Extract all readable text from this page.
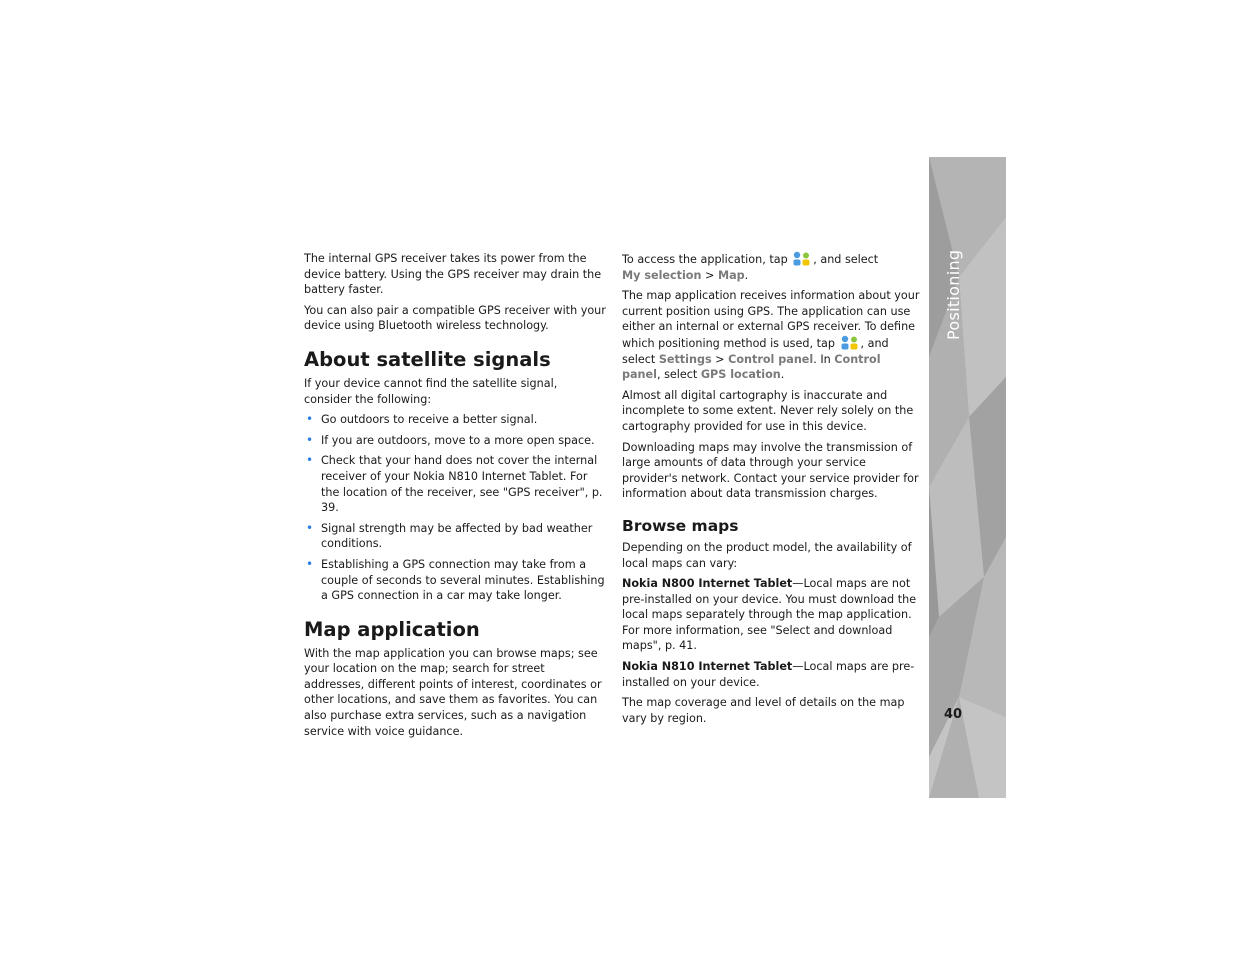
The internal GPS receiver takes its power from the device battery. Using the GPS receiver may drain the battery faster.

You can also pair a compatible GPS receiver with your device using Bluetooth wireless technology.

About satellite signals

If your device cannot find the satellite signal, consider the following:

• Go outdoors to receive a better signal.
• If you are outdoors, move to a more open space.
• Check that your hand does not cover the internal receiver of your Nokia N810 Internet Tablet. For the location of the receiver, see "GPS receiver", p. 39.
• Signal strength may be affected by bad weather conditions.
• Establishing a GPS connection may take from a couple of seconds to several minutes. Establishing a GPS connection in a car may take longer.
Map application

With the map application you can browse maps; see your location on the map; search for street addresses, different points of interest, coordinates or other locations, and save them as favorites. You can also purchase extra services, such as a navigation service with voice guidance.

To access the application, tap , and select
My selection > Map.

The map application receives information about your current position using GPS. The application can use either an internal or external GPS receiver. To define which positioning method is used, tap , and select Settings > Control panel. In Control panel, select GPS location.

Almost all digital cartography is inaccurate and incomplete to some extent. Never rely solely on the cartography provided for use in this device.

Downloading maps may involve the transmission of large amounts of data through your service provider's network. Contact your service provider for information about data transmission charges.

Browse maps

Depending on the product model, the availability of local maps can vary:

Nokia N800 Internet Tablet—Local maps are not pre-installed on your device. You must download the local maps separately through the map application. For more information, see "Select and download maps", p. 41.

Nokia N810 Internet Tablet—Local maps are pre-installed on your device.

The map coverage and level of details on the map vary by region.

Positioning
40
